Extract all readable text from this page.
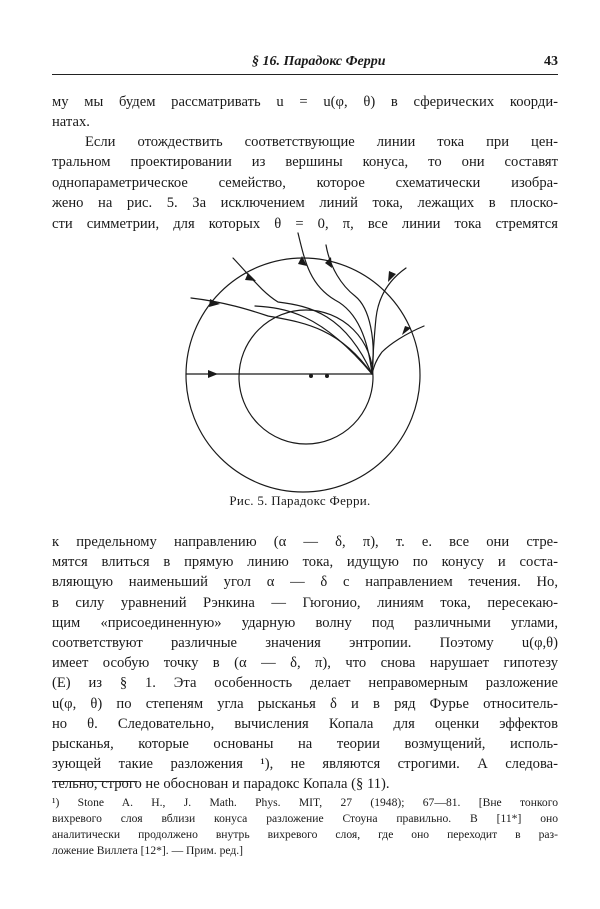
§ 16. Парадокс Ферри	43
му мы будем рассматривать u = u(φ, θ) в сферических коорди-
натах.
Если отождествить соответствующие линии тока при цен-
тральном проектировании из вершины конуса, то они составят
однопараметрическое семейство, которое схематически изобра-
жено на рис. 5. За исключением линий тока, лежащих в плоско-
сти симметрии, для которых θ = 0, π, все линии тока стремятся
Рис. 5. Парадокс Ферри.
к предельному направлению (α — δ, π), т. е. все они стре-
мятся влиться в прямую линию тока, идущую по конусу и соста-
вляющую наименьший угол α — δ с направлением течения. Но,
в силу уравнений Рэнкина — Гюгонио, линиям тока, пересекаю-
щим «присоединенную» ударную волну под различными углами,
соответствуют различные значения энтропии. Поэтому u(φ,θ)
имеет особую точку в (α — δ, π), что снова нарушает гипотезу
(E) из § 1. Эта особенность делает неправомерным разложение
u(φ, θ) по степеням угла рысканья δ и в ряд Фурье относитель-
но θ. Следовательно, вычисления Копала для оценки эффектов
рысканья, которые основаны на теории возмущений, исполь-
зующей такие разложения ¹), не являются строгими. А следова-
тельно, строго не обоснован и парадокс Копала (§ 11).
¹) Stone A. H., J. Math. Phys. MIT, 27 (1948); 67—81. [Вне тонкого
вихревого слоя вблизи конуса разложение Стоуна правильно. В [11*] оно
аналитически продолжено внутрь вихревого слоя, где оно переходит в раз-
ложение Виллета [12*]. — Прим. ред.]
